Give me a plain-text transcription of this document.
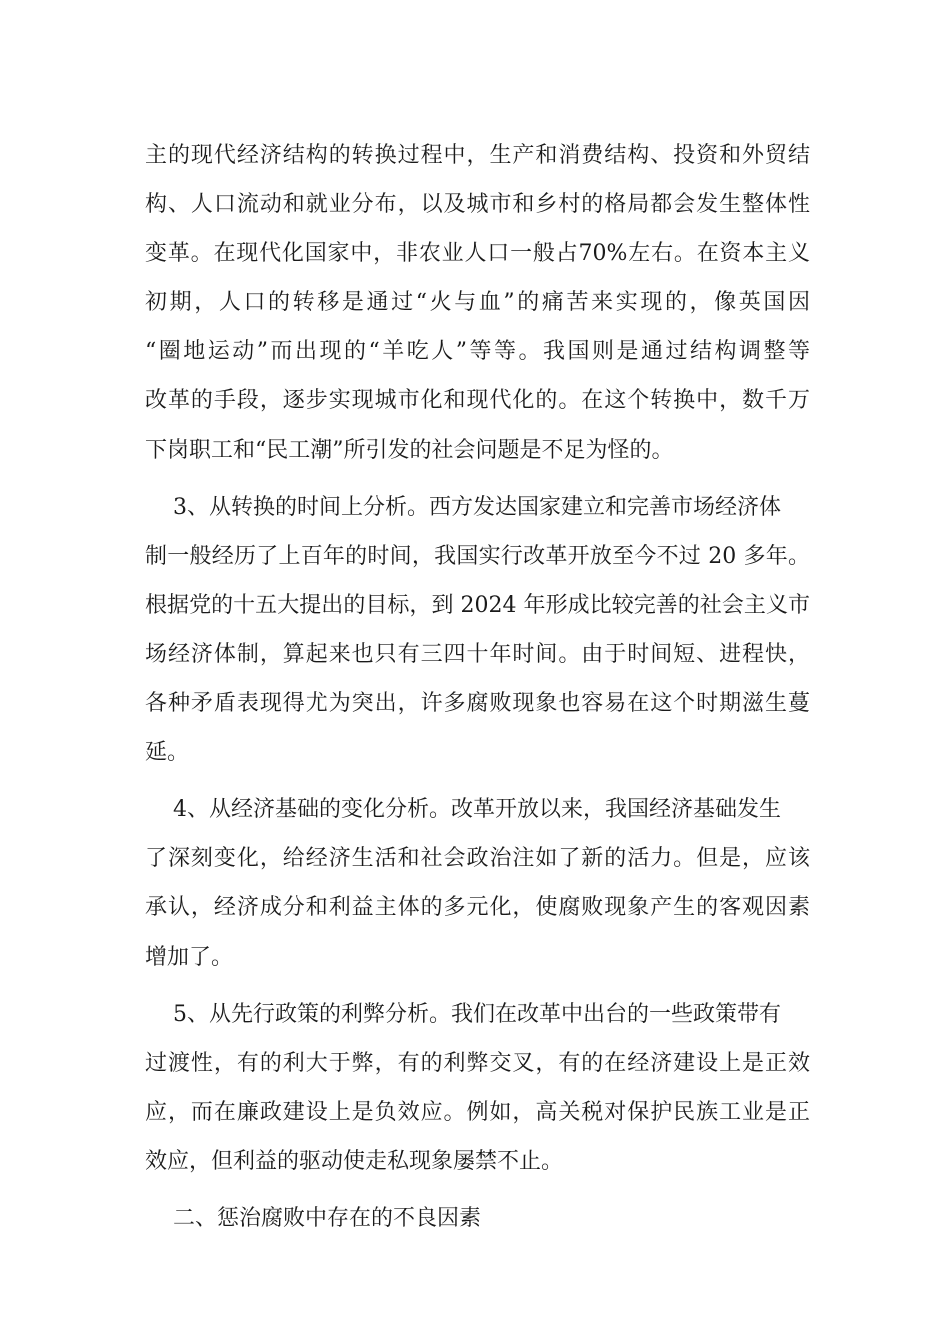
主的现代经济结构的转换过程中，生产和消费结构、投资和外贸结
构、人口流动和就业分布，以及城市和乡村的格局都会发生整体性
变革。在现代化国家中，非农业人口一般占70%左右。在资本主义
初期，人口的转移是通过“火与血”的痛苦来实现的，像英国因
“圈地运动”而出现的“羊吃人”等等。我国则是通过结构调整等
改革的手段，逐步实现城市化和现代化的。在这个转换中，数千万
下岗职工和“民工潮”所引发的社会问题是不足为怪的。
3、从转换的时间上分析。西方发达国家建立和完善市场经济体
制一般经历了上百年的时间，我国实行改革开放至今不过 20 多年。
根据党的十五大提出的目标，到 2024 年形成比较完善的社会主义市
场经济体制，算起来也只有三四十年时间。由于时间短、进程快，
各种矛盾表现得尤为突出，许多腐败现象也容易在这个时期滋生蔓
延。
4、从经济基础的变化分析。改革开放以来，我国经济基础发生
了深刻变化，给经济生活和社会政治注如了新的活力。但是，应该
承认，经济成分和利益主体的多元化，使腐败现象产生的客观因素
增加了。
5、从先行政策的利弊分析。我们在改革中出台的一些政策带有
过渡性，有的利大于弊，有的利弊交叉，有的在经济建设上是正效
应，而在廉政建设上是负效应。例如，高关税对保护民族工业是正
效应，但利益的驱动使走私现象屡禁不止。
二、惩治腐败中存在的不良因素
